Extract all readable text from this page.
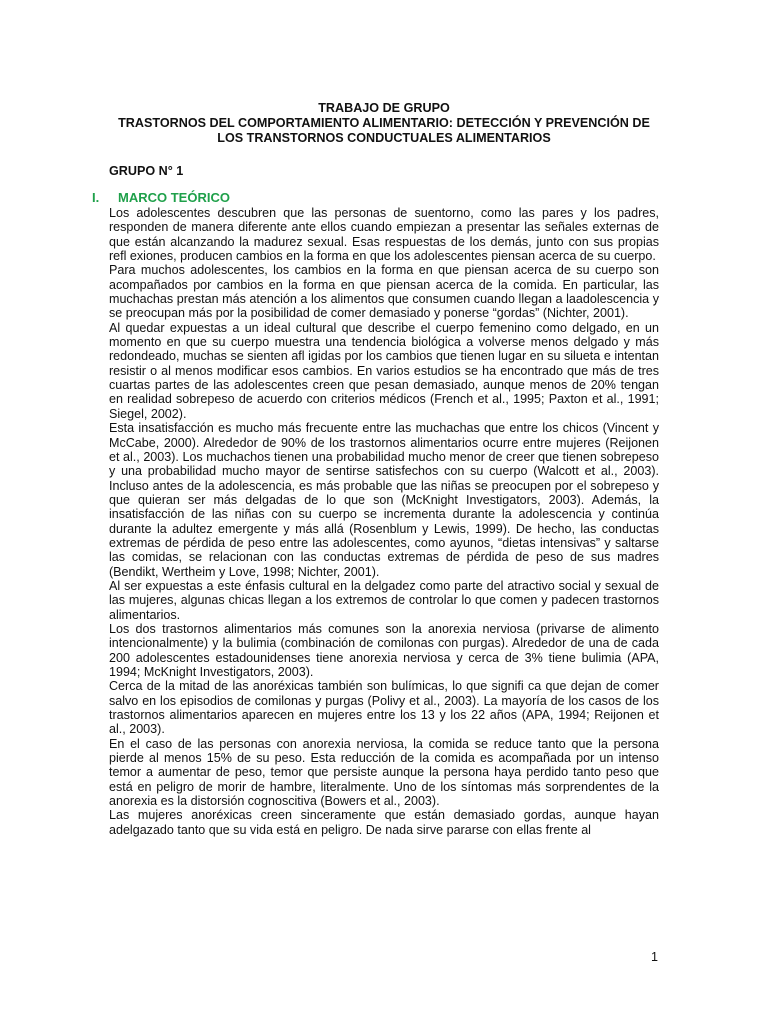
TRABAJO DE GRUPO
TRASTORNOS DEL COMPORTAMIENTO ALIMENTARIO: DETECCIÓN Y PREVENCIÓN DE
LOS TRANSTORNOS CONDUCTUALES ALIMENTARIOS
GRUPO N° 1
I. MARCO TEÓRICO

Los adolescentes descubren que las personas de suentorno, como las pares y los padres, responden de manera diferente ante ellos cuando empiezan a presentar las señales externas de que están alcanzando la madurez sexual. Esas respuestas de los demás, junto con sus propias refl exiones, producen cambios en la forma en que los adolescentes piensan acerca de su cuerpo.

Para muchos adolescentes, los cambios en la forma en que piensan acerca de su cuerpo son acompañados por cambios en la forma en que piensan acerca de la comida. En particular, las muchachas prestan más atención a los alimentos que consumen cuando llegan a laadolescencia y se preocupan más por la posibilidad de comer demasiado y ponerse “gordas” (Nichter, 2001).

Al quedar expuestas a un ideal cultural que describe el cuerpo femenino como delgado, en un momento en que su cuerpo muestra una tendencia biológica a volverse menos delgado y más redondeado, muchas se sienten afl igidas por los cambios que tienen lugar en su silueta e intentan resistir o al menos modificar esos cambios. En varios estudios se ha encontrado que más de tres cuartas partes de las adolescentes creen que pesan demasiado, aunque menos de 20% tengan en realidad sobrepeso de acuerdo con criterios médicos (French et al., 1995; Paxton et al., 1991; Siegel, 2002).

Esta insatisfacción es mucho más frecuente entre las muchachas que entre los chicos (Vincent y McCabe, 2000). Alrededor de 90% de los trastornos alimentarios ocurre entre mujeres (Reijonen et al., 2003). Los muchachos tienen una probabilidad mucho menor de creer que tienen sobrepeso y una probabilidad mucho mayor de sentirse satisfechos con su cuerpo (Walcott et al., 2003). Incluso antes de la adolescencia, es más probable que las niñas se preocupen por el sobrepeso y que quieran ser más delgadas de lo que son (McKnight Investigators, 2003). Además, la insatisfacción de las niñas con su cuerpo se incrementa durante la adolescencia y continúa durante la adultez emergente y más allá (Rosenblum y Lewis, 1999). De hecho, las conductas extremas de pérdida de peso entre las adolescentes, como ayunos, “dietas intensivas” y saltarse las comidas, se relacionan con las conductas extremas de pérdida de peso de sus madres (Bendikt, Wertheim y Love, 1998; Nichter, 2001).

Al ser expuestas a este énfasis cultural en la delgadez como parte del atractivo social y sexual de las mujeres, algunas chicas llegan a los extremos de controlar lo que comen y padecen trastornos alimentarios.

Los dos trastornos alimentarios más comunes son la anorexia nerviosa (privarse de alimento intencionalmente) y la bulimia (combinación de comilonas con purgas). Alrededor de una de cada 200 adolescentes estadounidenses tiene anorexia nerviosa y cerca de 3% tiene bulimia (APA, 1994; McKnight Investigators, 2003).

Cerca de la mitad de las anoréxicas también son bulímicas, lo que signifi ca que dejan de comer salvo en los episodios de comilonas y purgas (Polivy et al., 2003). La mayoría de los casos de los trastornos alimentarios aparecen en mujeres entre los 13 y los 22 años (APA, 1994; Reijonen et al., 2003).

En el caso de las personas con anorexia nerviosa, la comida se reduce tanto que la persona pierde al menos 15% de su peso. Esta reducción de la comida es acompañada por un intenso temor a aumentar de peso, temor que persiste aunque la persona haya perdido tanto peso que está en peligro de morir de hambre, literalmente. Uno de los síntomas más sorprendentes de la anorexia es la distorsión cognoscitiva (Bowers et al., 2003).

Las mujeres anoréxicas creen sinceramente que están demasiado gordas, aunque hayan adelgazado tanto que su vida está en peligro. De nada sirve pararse con ellas frente al

1
